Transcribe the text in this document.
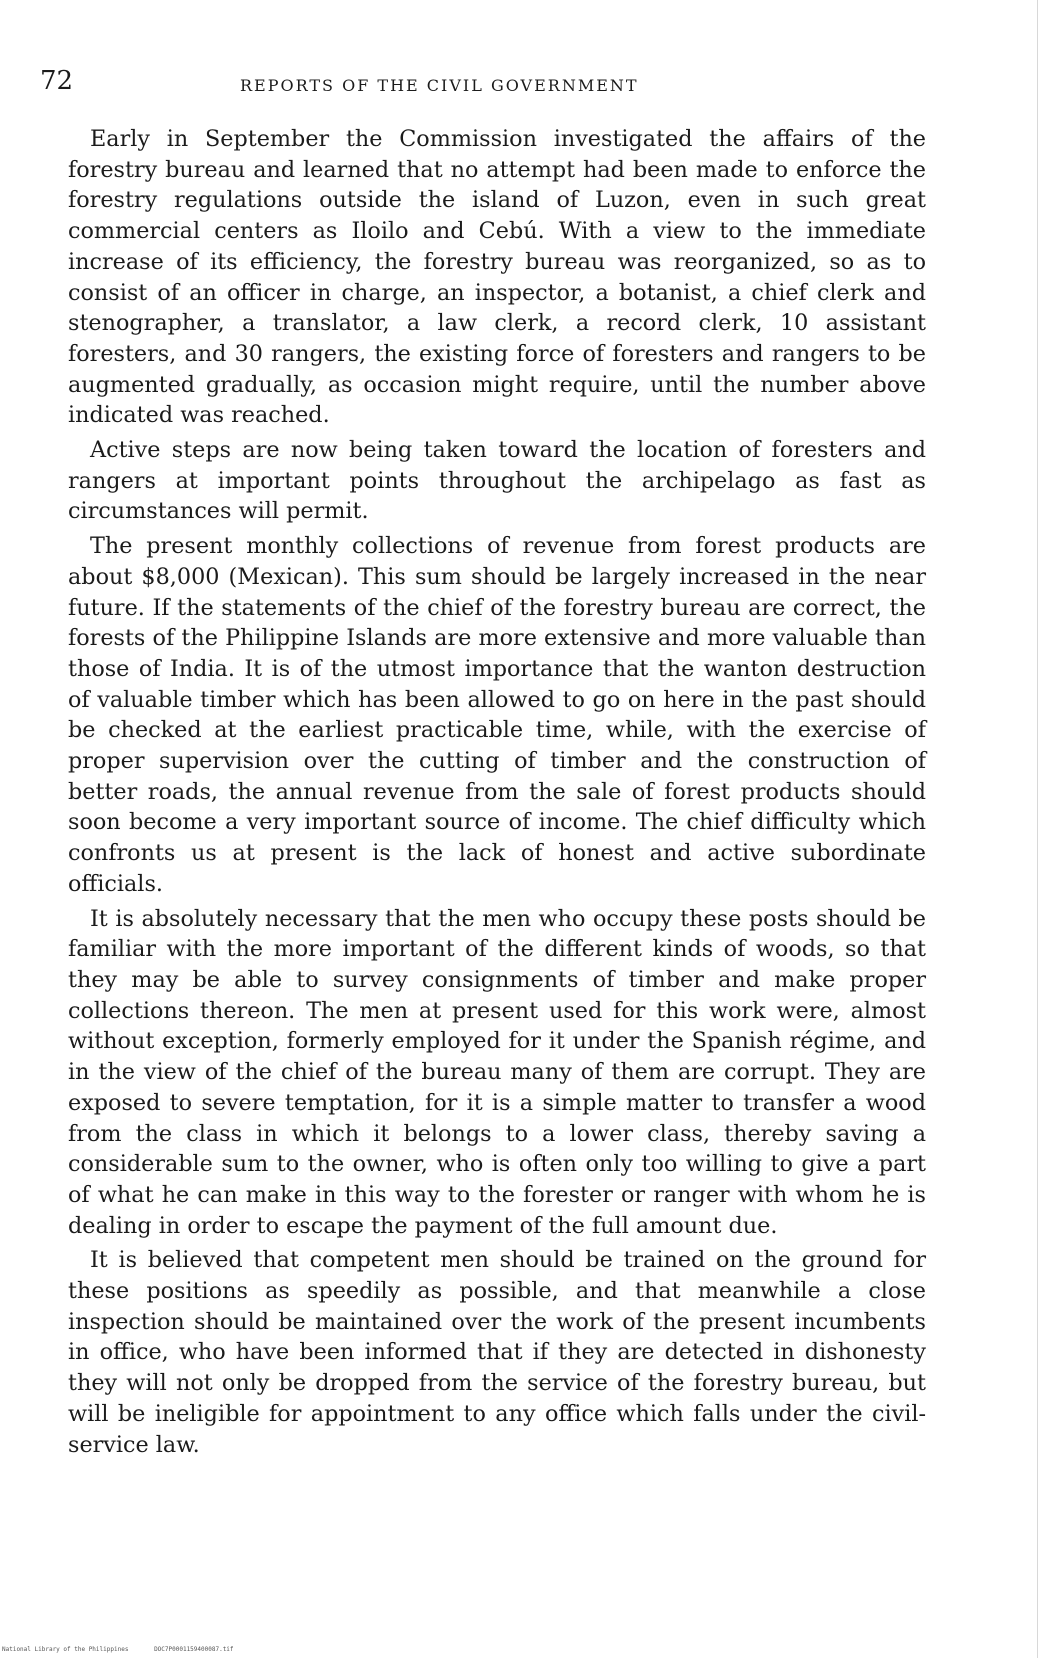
72	REPORTS OF THE CIVIL GOVERNMENT

Early in September the Commission investigated the affairs of the forestry bureau and learned that no attempt had been made to enforce the forestry regulations outside the island of Luzon, even in such great commercial centers as Iloilo and Cebú. With a view to the immediate increase of its efficiency, the forestry bureau was reorganized, so as to consist of an officer in charge, an inspector, a botanist, a chief clerk and stenographer, a translator, a law clerk, a record clerk, 10 assistant foresters, and 30 rangers, the existing force of foresters and rangers to be augmented gradually, as occasion might require, until the number above indicated was reached.

Active steps are now being taken toward the location of foresters and rangers at important points throughout the archipelago as fast as circumstances will permit.

The present monthly collections of revenue from forest products are about $8,000 (Mexican). This sum should be largely increased in the near future. If the statements of the chief of the forestry bureau are correct, the forests of the Philippine Islands are more extensive and more valuable than those of India. It is of the utmost importance that the wanton destruction of valuable timber which has been allowed to go on here in the past should be checked at the earliest practicable time, while, with the exercise of proper supervision over the cutting of timber and the construction of better roads, the annual revenue from the sale of forest products should soon become a very important source of income. The chief difficulty which confronts us at present is the lack of honest and active subordinate officials.

It is absolutely necessary that the men who occupy these posts should be familiar with the more important of the different kinds of woods, so that they may be able to survey consignments of timber and make proper collections thereon. The men at present used for this work were, almost without exception, formerly employed for it under the Spanish régime, and in the view of the chief of the bureau many of them are corrupt. They are exposed to severe temptation, for it is a simple matter to transfer a wood from the class in which it belongs to a lower class, thereby saving a considerable sum to the owner, who is often only too willing to give a part of what he can make in this way to the forester or ranger with whom he is dealing in order to escape the payment of the full amount due.

It is believed that competent men should be trained on the ground for these positions as speedily as possible, and that meanwhile a close inspection should be maintained over the work of the present incumbents in office, who have been informed that if they are detected in dishonesty they will not only be dropped from the service of the forestry bureau, but will be ineligible for appointment to any office which falls under the civil-service law.

National Library of the Philippines	DOC7P0001159400087.tif
